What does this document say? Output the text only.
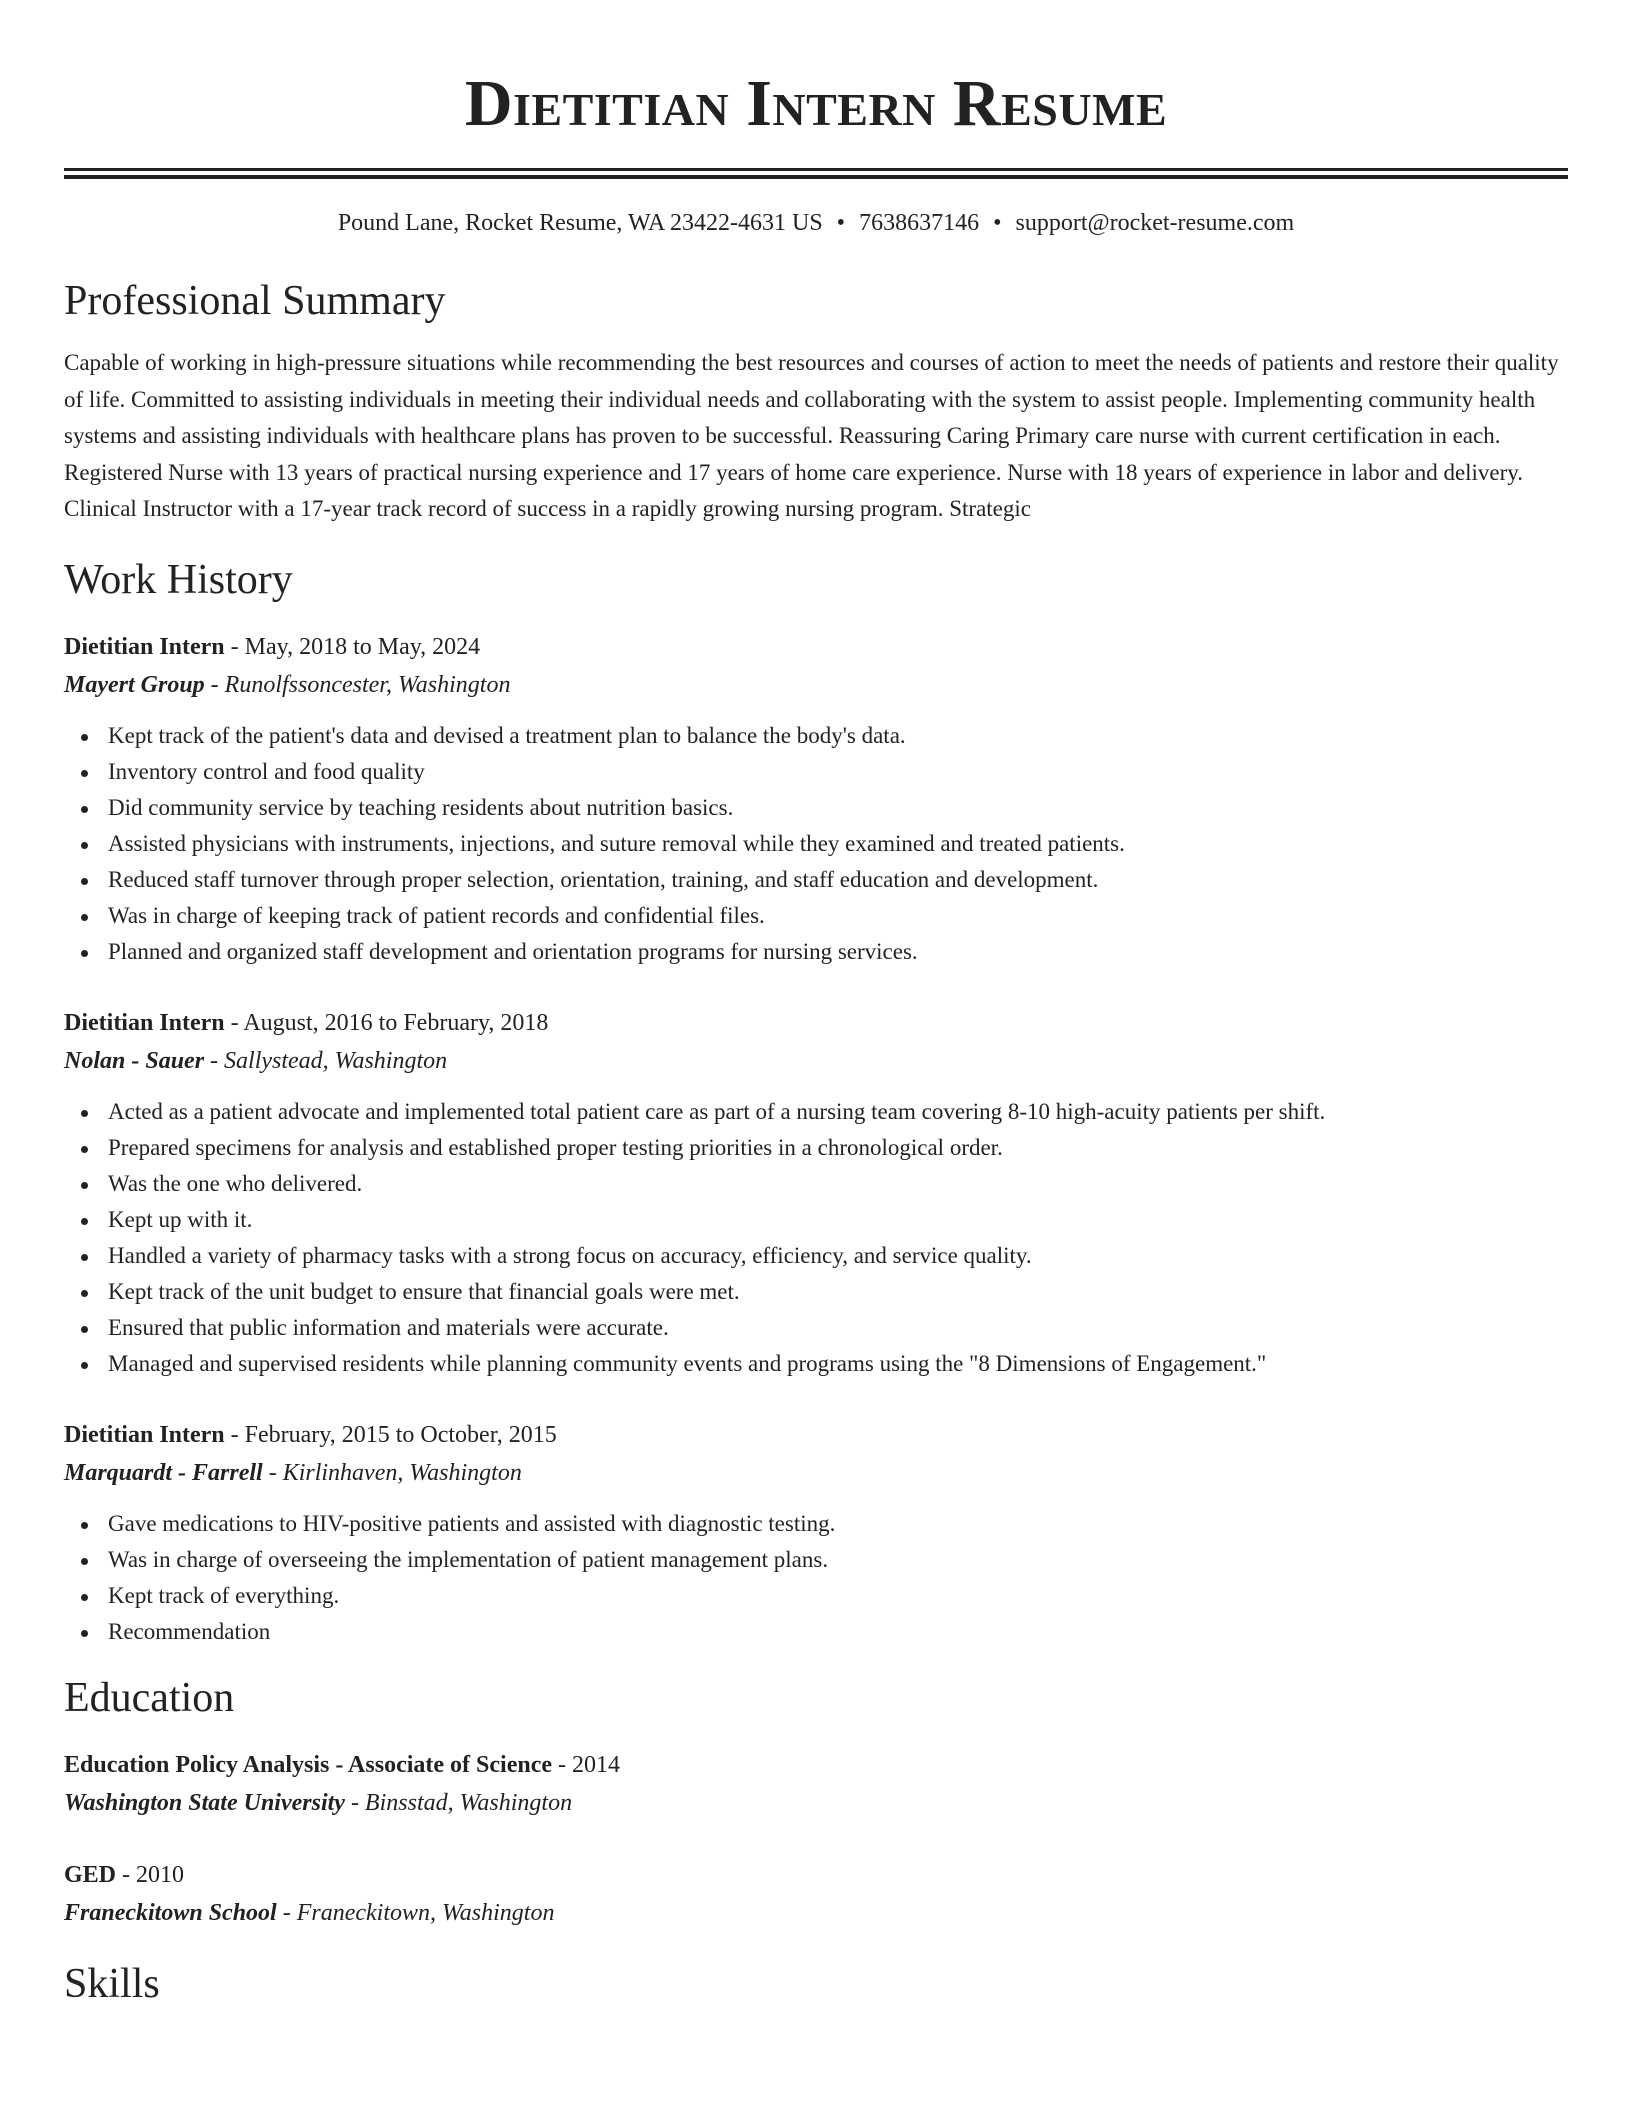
Dietitian Intern Resume
Pound Lane, Rocket Resume, WA 23422-4631 US • 7638637146 • support@rocket-resume.com
Professional Summary
Capable of working in high-pressure situations while recommending the best resources and courses of action to meet the needs of patients and restore their quality of life. Committed to assisting individuals in meeting their individual needs and collaborating with the system to assist people. Implementing community health systems and assisting individuals with healthcare plans has proven to be successful. Reassuring Caring Primary care nurse with current certification in each. Registered Nurse with 13 years of practical nursing experience and 17 years of home care experience. Nurse with 18 years of experience in labor and delivery. Clinical Instructor with a 17-year track record of success in a rapidly growing nursing program. Strategic
Work History
Dietitian Intern - May, 2018 to May, 2024
Mayert Group - Runolfssoncester, Washington
Kept track of the patient's data and devised a treatment plan to balance the body's data.
Inventory control and food quality
Did community service by teaching residents about nutrition basics.
Assisted physicians with instruments, injections, and suture removal while they examined and treated patients.
Reduced staff turnover through proper selection, orientation, training, and staff education and development.
Was in charge of keeping track of patient records and confidential files.
Planned and organized staff development and orientation programs for nursing services.
Dietitian Intern - August, 2016 to February, 2018
Nolan - Sauer - Sallystead, Washington
Acted as a patient advocate and implemented total patient care as part of a nursing team covering 8-10 high-acuity patients per shift.
Prepared specimens for analysis and established proper testing priorities in a chronological order.
Was the one who delivered.
Kept up with it.
Handled a variety of pharmacy tasks with a strong focus on accuracy, efficiency, and service quality.
Kept track of the unit budget to ensure that financial goals were met.
Ensured that public information and materials were accurate.
Managed and supervised residents while planning community events and programs using the "8 Dimensions of Engagement."
Dietitian Intern - February, 2015 to October, 2015
Marquardt - Farrell - Kirlinhaven, Washington
Gave medications to HIV-positive patients and assisted with diagnostic testing.
Was in charge of overseeing the implementation of patient management plans.
Kept track of everything.
Recommendation
Education
Education Policy Analysis - Associate of Science - 2014
Washington State University - Binsstad, Washington
GED - 2010
Franeckitown School - Franeckitown, Washington
Skills
